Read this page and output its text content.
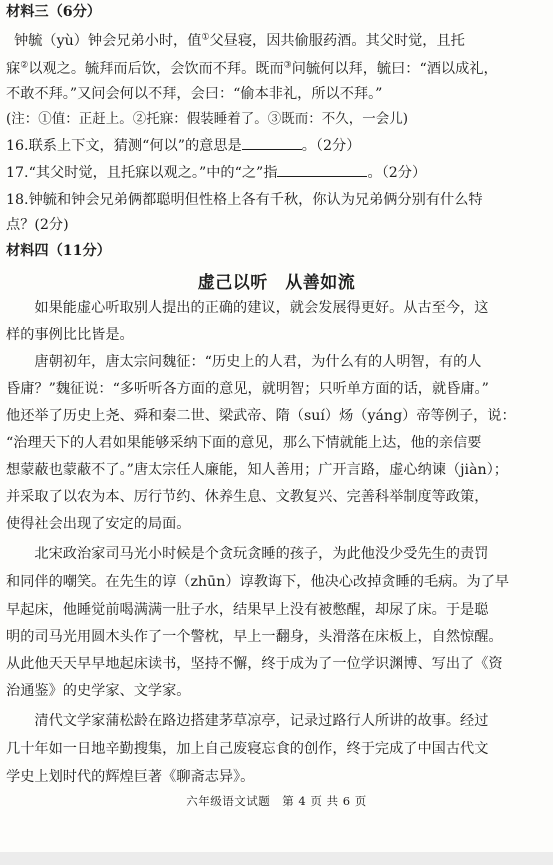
材料三（6分）
钟毓（yù）钟会兄弟小时，值①父昼寝，因共偷服药酒。其父时觉，且托
寐②以观之。毓拜而后饮，会饮而不拜。既而③问毓何以拜，毓曰：“酒以成礼，
不敢不拜。”又问会何以不拜，会曰：“偷本非礼，所以不拜。”
(注：①值：正赶上。②托寐：假装睡着了。③既而：不久，一会儿)
16.联系上下文，猜测“何以”的意思是	。（2分）
17.“其父时觉，且托寐以观之。”中的“之”指	。（2分）
18.钟毓和钟会兄弟俩都聪明但性格上各有千秋，你认为兄弟俩分别有什么特
点？(2分)
材料四（11分）
虚己以听　从善如流
　　如果能虚心听取别人提出的正确的建议，就会发展得更好。从古至今，这
样的事例比比皆是。
　　唐朝初年，唐太宗问魏征：“历史上的人君，为什么有的人明智，有的人
昏庸？”魏征说：“多听听各方面的意见，就明智；只听单方面的话，就昏庸。”
他还举了历史上尧、舜和秦二世、梁武帝、隋（suí）炀（yáng）帝等例子，说：
“治理天下的人君如果能够采纳下面的意见，那么下情就能上达，他的亲信要
想蒙蔽也蒙蔽不了。”唐太宗任人廉能，知人善用；广开言路，虚心纳谏（jiàn）；
并采取了以农为本、厉行节约、休养生息、文教复兴、完善科举制度等政策，
使得社会出现了安定的局面。
　　北宋政治家司马光小时候是个贪玩贪睡的孩子，为此他没少受先生的责罚
和同伴的嘲笑。在先生的谆（zhūn）谆教诲下，他决心改掉贪睡的毛病。为了早
早起床，他睡觉前喝满满一肚子水，结果早上没有被憋醒，却尿了床。于是聪
明的司马光用圆木头作了一个警枕，早上一翻身，头滑落在床板上，自然惊醒。
从此他天天早早地起床读书，坚持不懈，终于成为了一位学识渊博、写出了《资
治通鉴》的史学家、文学家。
　　清代文学家蒲松龄在路边搭建茅草凉亭，记录过路行人所讲的故事。经过
几十年如一日地辛勤搜集，加上自己废寝忘食的创作，终于完成了中国古代文
学史上划时代的辉煌巨著《聊斋志异》。
六年级语文试题　第 4 页 共 6 页
